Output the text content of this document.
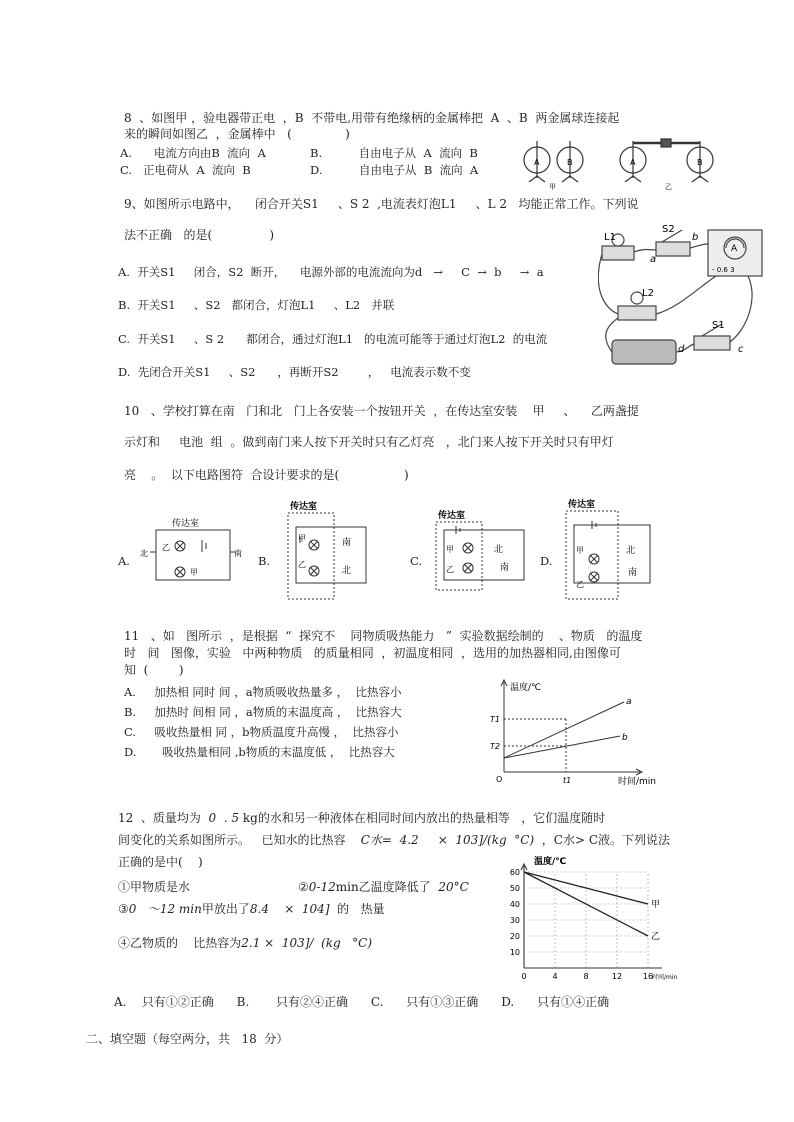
8  、如图甲 ，验电器带正电  ，B  不带电,用带有绝缘柄的金属棒把  A  、B  两金属球连接起
来的瞬间如图乙  ，金属棒中   (              )
A.      电流方向由B  流向  A	B.          自由电子从  A  流向  B
C.   正电荷从  A  流向  B	D.          自由电子从  B  流向  A
A	B	A	B
甲	乙
9、如图所示电路中，    闭合开关S1     、S 2  ,电流表灯泡L1     、L 2   均能正常工作。下列说
法不正确   的是(               )
A.  开关S1     闭合，S2  断开，    电源外部的电流流向为d   →     C  →  b     →  a
B.  开关S1     、S2   都闭合，灯泡L1     、L2   并联
C.  开关S1     、S 2      都闭合，通过灯泡L1   的电流可能等于通过灯泡L2  的电流
D.  先闭合开关S1     、S2      ，再断开S2        ，   电流表示数不变
L1
S2
a
b
L2
A
- 0.6 3
S1
c
d
10   、学校打算在南   门和北   门上各安装一个按钮开关  ，在传达室安装    甲     、    乙两盏提
示灯和     电池  组  。做到南门来人按下开关时只有乙灯亮   ，北门来人按下开关时只有甲灯
亮    。  以下电路图符  合设计要求的是(                 )
A.
传达室
乙
甲
北	南
B.
传达室
甲
乙
南
北
C.
传达室
甲
乙
北
南	D.
传达室
甲
乙
北
南
11   、如   图所示  ，是根据  “  探究不    同物质吸热能力   ”  实验数据绘制的    、物质   的温度
时   间   图像，实验   中两种物质   的质量相同  ，初温度相同  ，选用的加热器相同,由图像可
知  (        )
A.     加热相 同时 间 ，a物质吸收热量多 ，  比热容小
B.     加热时 间相 同 ，a物质的末温度高 ，  比热容大
C.     吸收热量相 同 ，b物质温度升高慢 ，  比热容小
D.       吸收热量相同 ,b物质的末温度低 ，  比热容大
温度/℃
时间/min
a
b
T1
T2
t1
O
12  、质量均为  0  . 5 kg的水和另一种液体在相同时间内放出的热量相等   ，它们温度随时
间变化的关系如图所示。   已知水的比热容    C水=  4.2     ×  103]/(kg  °C)  ，C水> C液。下列说法
正确的是中(    )
①甲物质是水	②0-12min乙温度降低了  20°C
③0   ～12 min甲放出了8.4    ×  104]  的   热量
④乙物质的    比热容为2.1 ×  103]/  (kg   °C)
10
20
30
40
50
60
0	4	8	12	16
甲
乙
温度/℃
时间/min
A.    只有①②正确      B.       只有②④正确      C.      只有①③正确      D.      只有①④正确
二、填空题（每空两分，共   18  分）
